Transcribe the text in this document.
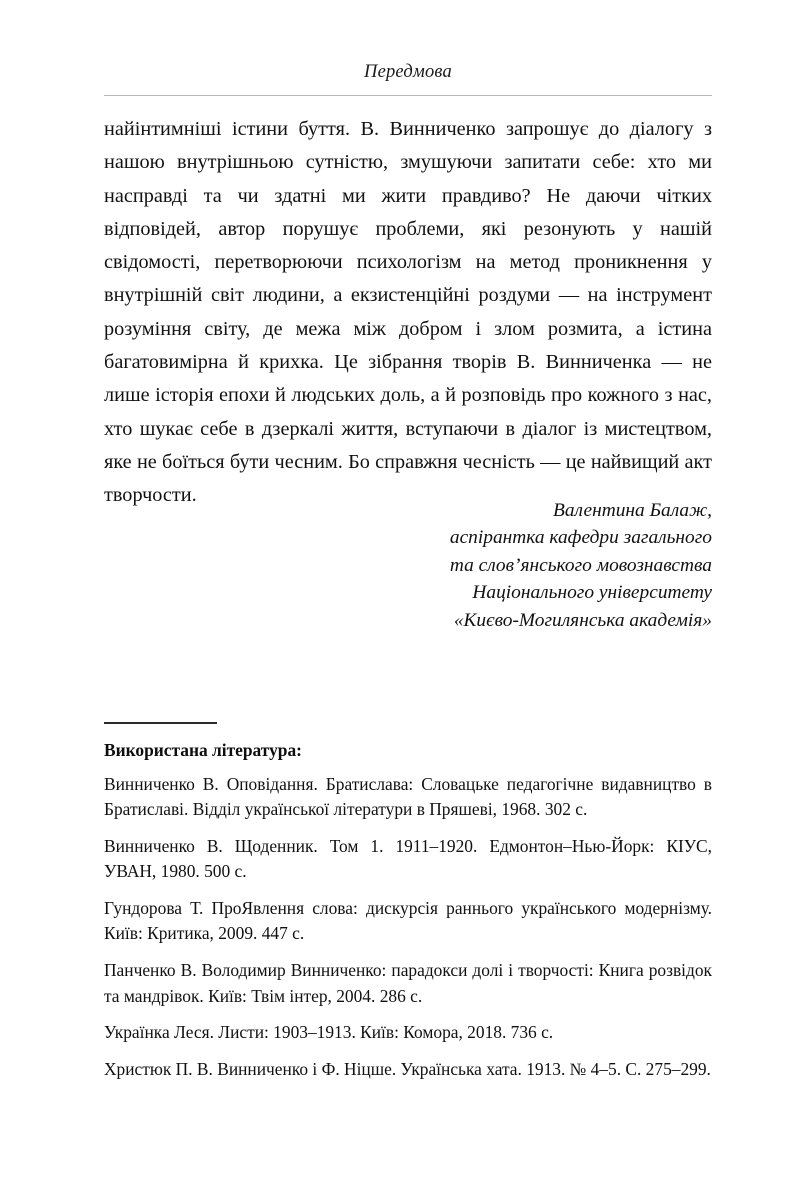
Передмова

найінтимніші істини буття. В. Винниченко запрошує до діалогу з нашою внутрішньою сутністю, змушуючи запитати себе: хто ми насправді та чи здатні ми жити правдиво? Не даючи чітких відповідей, автор порушує проблеми, які резонують у нашій свідомості, перетворюючи психологізм на метод проникнення у внутрішній світ людини, а екзистенційні роздуми — на інструмент розуміння світу, де межа між добром і злом розмита, а істина багатовимірна й крихка. Це зібрання творів В. Винниченка — не лише історія епохи й людських доль, а й розповідь про кожного з нас, хто шукає себе в дзеркалі життя, вступаючи в діалог із мистецтвом, яке не боїться бути чесним. Бо справжня чесність — це найвищий акт творчости.

Валентина Балаж,
аспірантка кафедри загального
та слов’янського мовознавства
Національного університету
«Києво-Могилянська академія»

Використана література:

Винниченко В. Оповідання. Братислава: Словацьке педагогічне видавництво в Братиславі. Відділ української літератури в Пряшеві, 1968. 302 с.

Винниченко В. Щоденник. Том 1. 1911–1920. Едмонтон–Нью-Йорк: КІУС, УВАН, 1980. 500 с.

Гундорова Т. ПроЯвлення слова: дискурсія раннього українського модернізму. Київ: Критика, 2009. 447 с.

Панченко В. Володимир Винниченко: парадокси долі і творчості: Книга розвідок та мандрівок. Київ: Твім інтер, 2004. 286 с.

Українка Леся. Листи: 1903–1913. Київ: Комора, 2018. 736 с.

Христюк П. В. Винниченко і Ф. Ніцше. Українська хата. 1913. № 4–5. С. 275–299.
